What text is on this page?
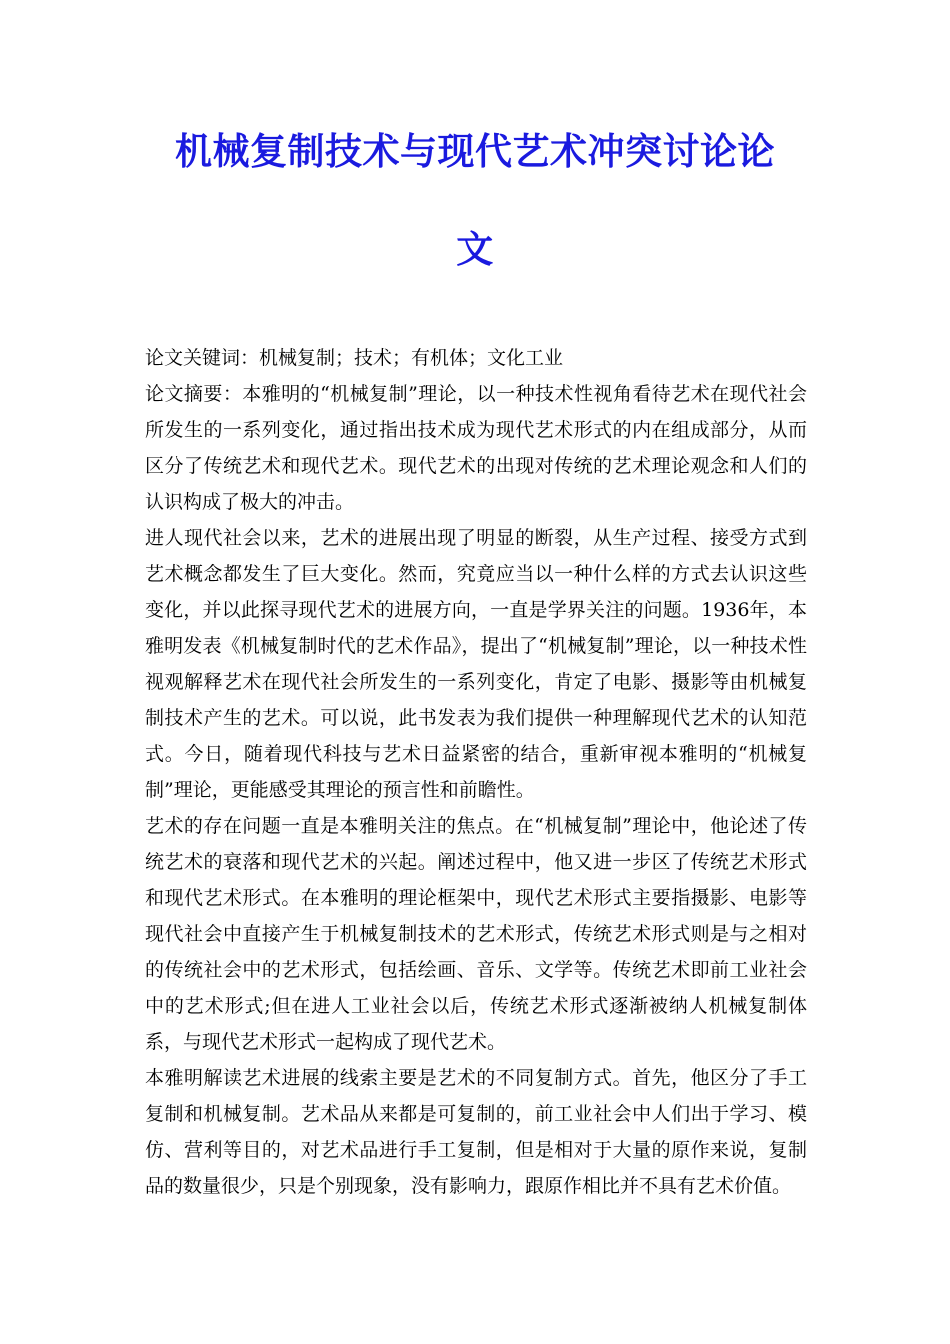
机械复制技术与现代艺术冲突讨论论
文

论文关键词：机械复制；技术；有机体；文化工业

论文摘要：本雅明的“机械复制”理论，以一种技术性视角看待艺术在现代社会所发生的一系列变化，通过指出技术成为现代艺术形式的内在组成部分，从而区分了传统艺术和现代艺术。现代艺术的出现对传统的艺术理论观念和人们的认识构成了极大的冲击。

进人现代社会以来，艺术的进展出现了明显的断裂，从生产过程、接受方式到艺术概念都发生了巨大变化。然而，究竟应当以一种什么样的方式去认识这些变化，并以此探寻现代艺术的进展方向，一直是学界关注的问题。1936年，本雅明发表《机械复制时代的艺术作品》，提出了“机械复制”理论，以一种技术性视观解释艺术在现代社会所发生的一系列变化，肯定了电影、摄影等由机械复制技术产生的艺术。可以说，此书发表为我们提供一种理解现代艺术的认知范式。今日，随着现代科技与艺术日益紧密的结合，重新审视本雅明的“机械复制”理论，更能感受其理论的预言性和前瞻性。

艺术的存在问题一直是本雅明关注的焦点。在“机械复制”理论中，他论述了传统艺术的衰落和现代艺术的兴起。阐述过程中，他又进一步区了传统艺术形式和现代艺术形式。在本雅明的理论框架中，现代艺术形式主要指摄影、电影等现代社会中直接产生于机械复制技术的艺术形式，传统艺术形式则是与之相对的传统社会中的艺术形式，包括绘画、音乐、文学等。传统艺术即前工业社会中的艺术形式;但在进人工业社会以后，传统艺术形式逐渐被纳人机械复制体系，与现代艺术形式一起构成了现代艺术。

本雅明解读艺术进展的线索主要是艺术的不同复制方式。首先，他区分了手工复制和机械复制。艺术品从来都是可复制的，前工业社会中人们出于学习、模仿、营利等目的，对艺术品进行手工复制，但是相对于大量的原作来说，复制品的数量很少，只是个别现象，没有影响力，跟原作相比并不具有艺术价值。
